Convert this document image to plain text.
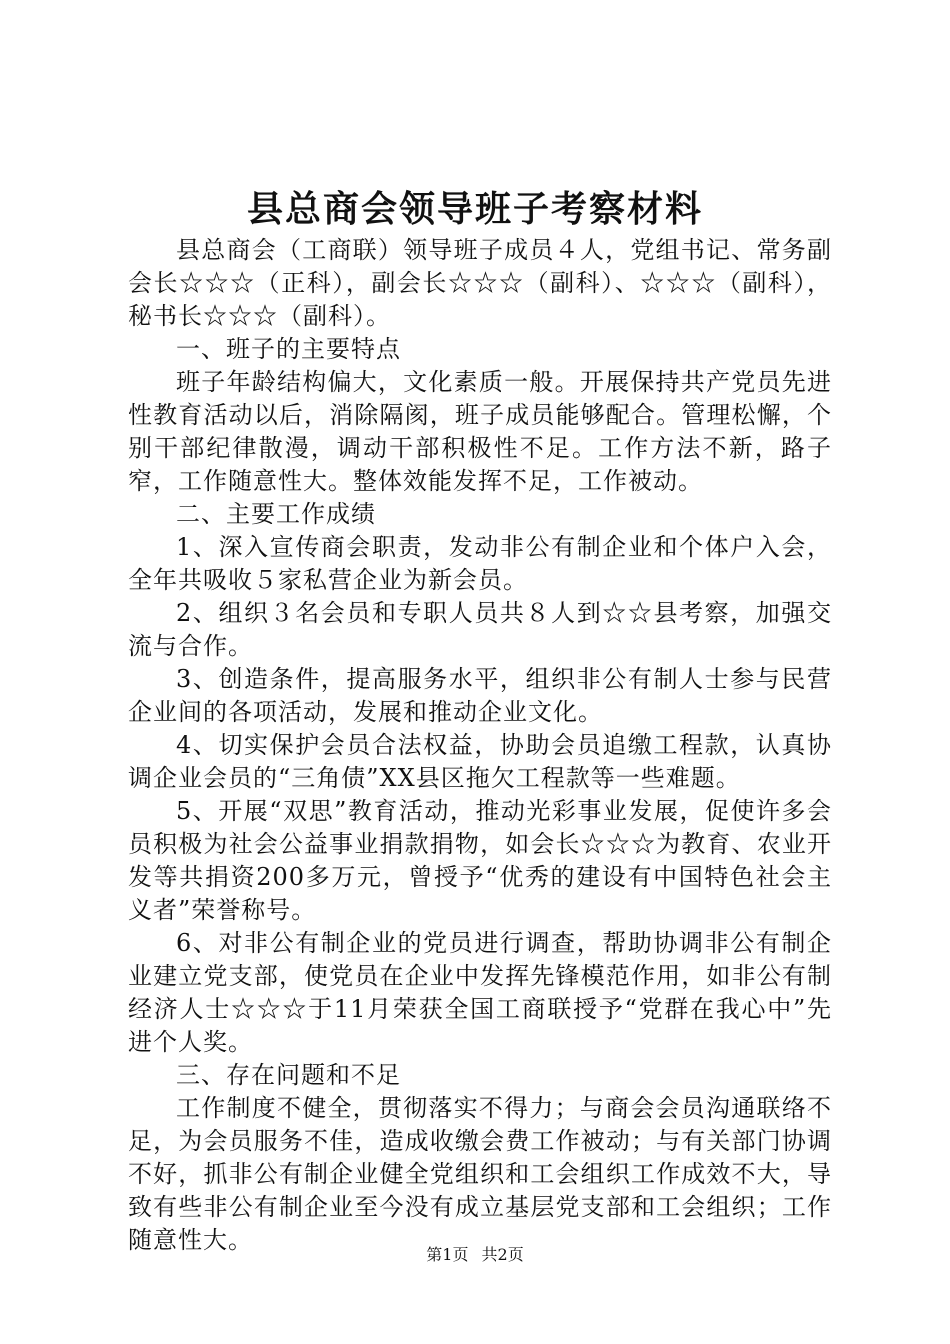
县总商会领导班子考察材料

县总商会（工商联）领导班子成员４人，党组书记、常务副会长☆☆☆（正科），副会长☆☆☆（副科）、☆☆☆（副科），秘书长☆☆☆（副科）。

一、班子的主要特点

班子年龄结构偏大，文化素质一般。开展保持共产党员先进性教育活动以后，消除隔阂，班子成员能够配合。管理松懈，个别干部纪律散漫，调动干部积极性不足。工作方法不新，路子窄，工作随意性大。整体效能发挥不足，工作被动。

二、主要工作成绩

1、深入宣传商会职责，发动非公有制企业和个体户入会，全年共吸收５家私营企业为新会员。

2、组织３名会员和专职人员共８人到☆☆县考察，加强交流与合作。

3、创造条件，提高服务水平，组织非公有制人士参与民营企业间的各项活动，发展和推动企业文化。

4、切实保护会员合法权益，协助会员追缴工程款，认真协调企业会员的“三角债”XX县区拖欠工程款等一些难题。

5、开展“双思”教育活动，推动光彩事业发展，促使许多会员积极为社会公益事业捐款捐物，如会长☆☆☆为教育、农业开发等共捐资200多万元，曾授予“优秀的建设有中国特色社会主义者”荣誉称号。

6、对非公有制企业的党员进行调查，帮助协调非公有制企业建立党支部，使党员在企业中发挥先锋模范作用，如非公有制经济人士☆☆☆于11月荣获全国工商联授予“党群在我心中”先进个人奖。

三、存在问题和不足

工作制度不健全，贯彻落实不得力；与商会会员沟通联络不足，为会员服务不佳，造成收缴会费工作被动；与有关部门协调不好，抓非公有制企业健全党组织和工会组织工作成效不大，导致有些非公有制企业至今没有成立基层党支部和工会组织；工作随意性大。

第1页 共2页
